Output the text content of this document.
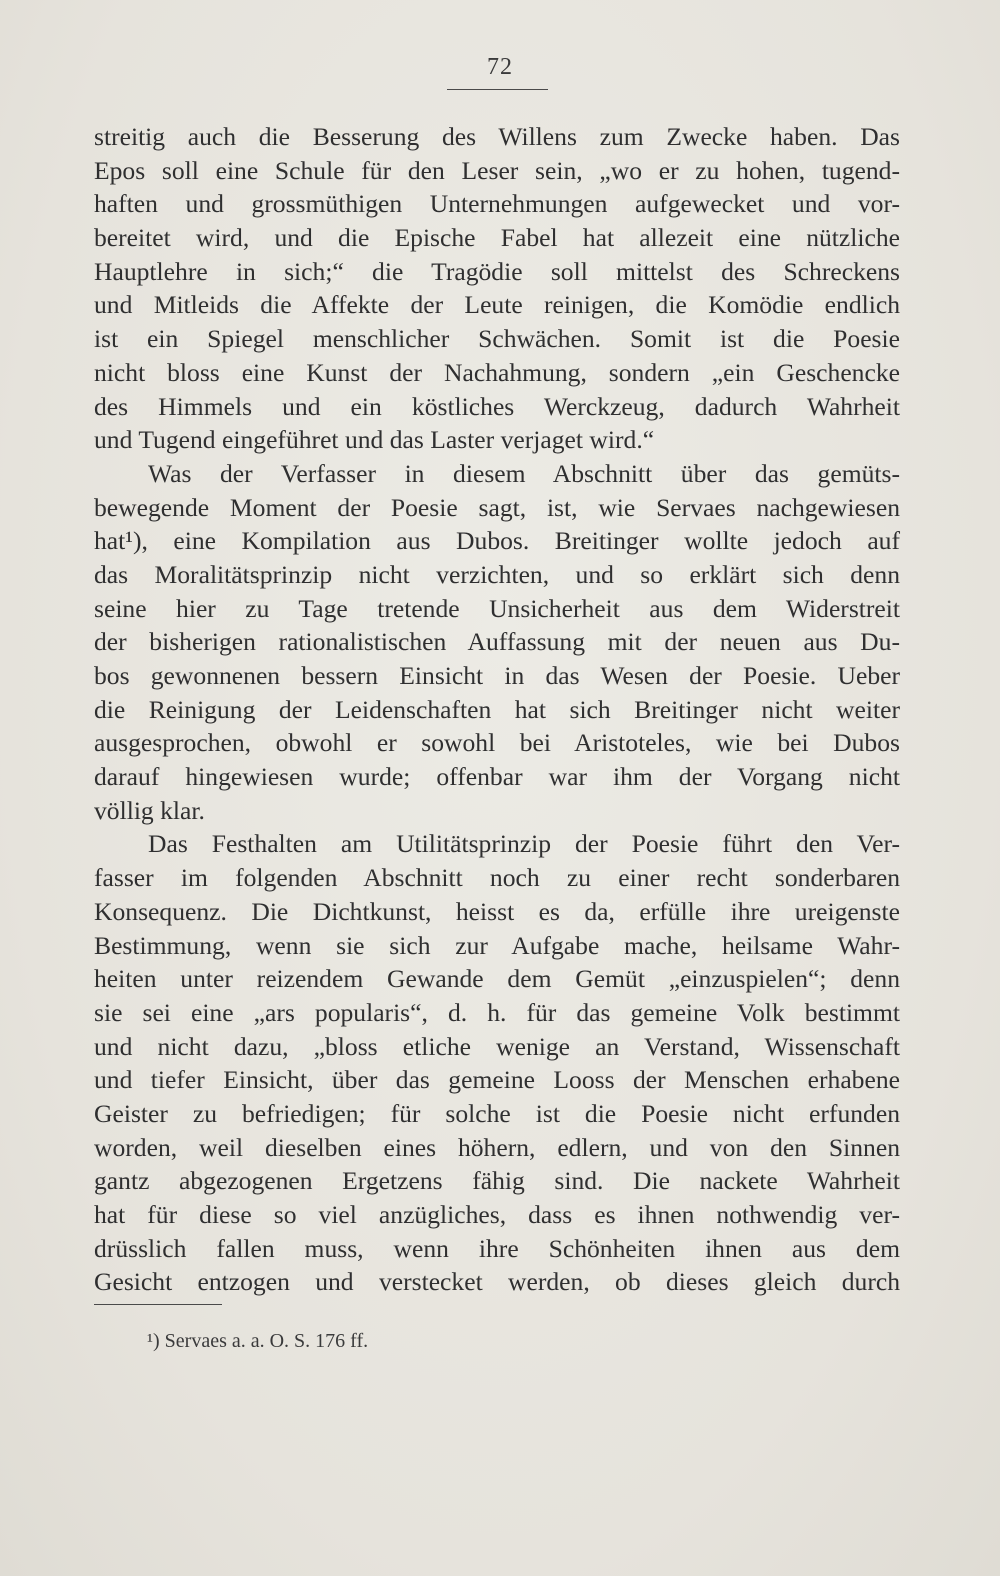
72
streitig auch die Besserung des Willens zum Zwecke haben. Das
Epos soll eine Schule für den Leser sein, „wo er zu hohen, tugend-
haften und grossmüthigen Unternehmungen aufgewecket und vor-
bereitet wird, und die Epische Fabel hat allezeit eine nützliche
Hauptlehre in sich;“ die Tragödie soll mittelst des Schreckens
und Mitleids die Affekte der Leute reinigen, die Komödie endlich
ist ein Spiegel menschlicher Schwächen. Somit ist die Poesie
nicht bloss eine Kunst der Nachahmung, sondern „ein Geschencke
des Himmels und ein köstliches Werckzeug, dadurch Wahrheit
und Tugend eingeführet und das Laster verjaget wird.“
Was der Verfasser in diesem Abschnitt über das gemüts-
bewegende Moment der Poesie sagt, ist, wie Servaes nachgewiesen
hat¹), eine Kompilation aus Dubos. Breitinger wollte jedoch auf
das Moralitätsprinzip nicht verzichten, und so erklärt sich denn
seine hier zu Tage tretende Unsicherheit aus dem Widerstreit
der bisherigen rationalistischen Auffassung mit der neuen aus Du-
bos gewonnenen bessern Einsicht in das Wesen der Poesie. Ueber
die Reinigung der Leidenschaften hat sich Breitinger nicht weiter
ausgesprochen, obwohl er sowohl bei Aristoteles, wie bei Dubos
darauf hingewiesen wurde; offenbar war ihm der Vorgang nicht
völlig klar.
Das Festhalten am Utilitätsprinzip der Poesie führt den Ver-
fasser im folgenden Abschnitt noch zu einer recht sonderbaren
Konsequenz. Die Dichtkunst, heisst es da, erfülle ihre ureigenste
Bestimmung, wenn sie sich zur Aufgabe mache, heilsame Wahr-
heiten unter reizendem Gewande dem Gemüt „einzuspielen“; denn
sie sei eine „ars popularis“, d. h. für das gemeine Volk bestimmt
und nicht dazu, „bloss etliche wenige an Verstand, Wissenschaft
und tiefer Einsicht, über das gemeine Looss der Menschen erhabene
Geister zu befriedigen; für solche ist die Poesie nicht erfunden
worden, weil dieselben eines höhern, edlern, und von den Sinnen
gantz abgezogenen Ergetzens fähig sind. Die nackete Wahrheit
hat für diese so viel anzügliches, dass es ihnen nothwendig ver-
drüsslich fallen muss, wenn ihre Schönheiten ihnen aus dem
Gesicht entzogen und verstecket werden, ob dieses gleich durch
¹) Servaes a. a. O. S. 176 ff.
